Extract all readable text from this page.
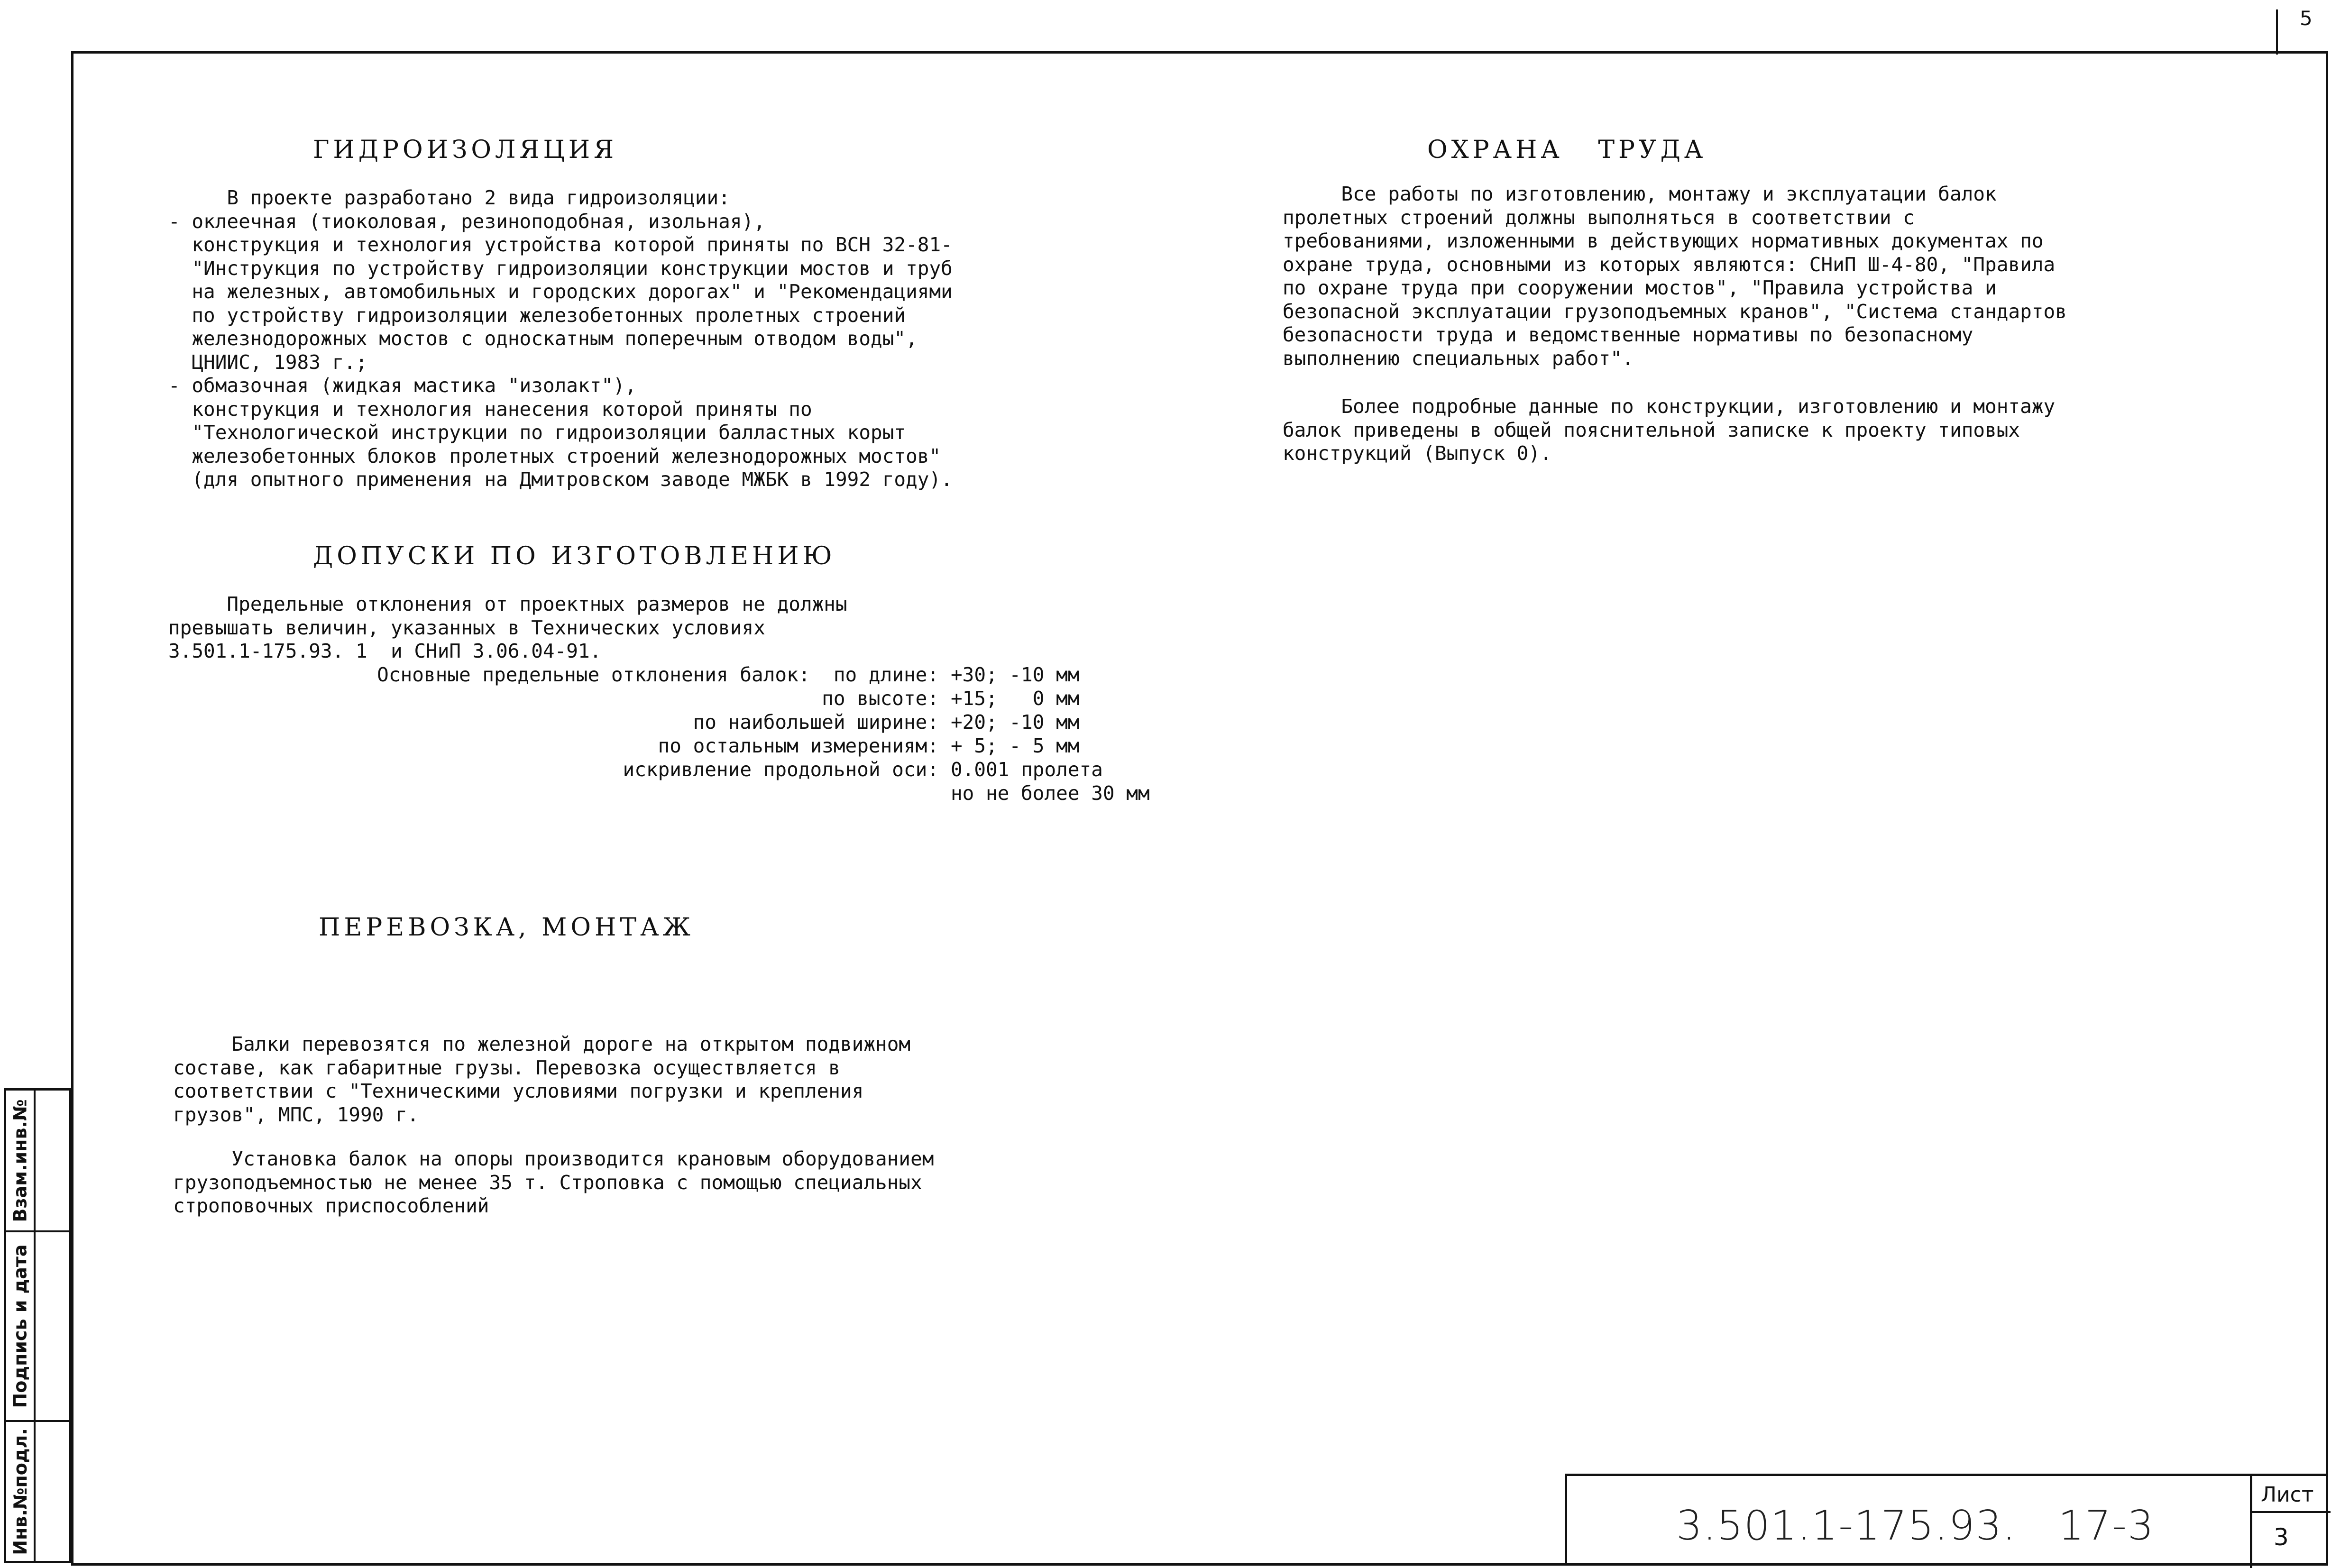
5
Взам.инв.№
Подпись и дата
Инв.№подл.
ГИДРОИЗОЛЯЦИЯ
В проекте разработано 2 вида гидроизоляции:
- оклеечная (тиоколовая, резиноподобная, изольная),
конструкция и технология устройства которой приняты по ВСН 32-81-
"Инструкция по устройству гидроизоляции конструкции мостов и труб
на железных, автомобильных и городских дорогах" и "Рекомендациями
по устройству гидроизоляции железобетонных пролетных строений
железнодорожных мостов с односкатным поперечным отводом воды",
ЦНИИС, 1983 г.;
- обмазочная (жидкая мастика "изолакт"),
конструкция и технология нанесения которой приняты по
"Технологической инструкции по гидроизоляции балластных корыт
железобетонных блоков пролетных строений железнодорожных мостов"
(для опытного применения на Дмитровском заводе МЖБК в 1992 году).
ДОПУСКИ ПО ИЗГОТОВЛЕНИЮ
Предельные отклонения от проектных размеров не должны
превышать величин, указанных в Технических условиях
3.501.1-175.93. 1  и СНиП 3.06.04-91.
Основные предельные отклонения балок:  по длине: +30; -10 мм
по высоте: +15;   0 мм
по наибольшей ширине: +20; -10 мм
по остальным измерениям: + 5; - 5 мм
искривление продольной оси: 0.001 пролета
но не более 30 мм
ПЕРЕВОЗКА, МОНТАЖ
Балки перевозятся по железной дороге на открытом подвижном
составе, как габаритные грузы. Перевозка осуществляется в
соответствии с "Техническими условиями погрузки и крепления
грузов", МПС, 1990 г.
Установка балок на опоры производится крановым оборудованием
грузоподъемностью не менее 35 т. Строповка с помощью специальных
строповочных приспособлений
ОХРАНА   ТРУДА
Все работы по изготовлению, монтажу и эксплуатации балок
пролетных строений должны выполняться в соответствии с
требованиями, изложенными в действующих нормативных документах по
охране труда, основными из которых являются: СНиП Ш-4-80, "Правила
по охране труда при сооружении мостов", "Правила устройства и
безопасной эксплуатации грузоподъемных кранов", "Система стандартов
безопасности труда и ведомственные нормативы по безопасному
выполнению специальных работ".
Более подробные данные по конструкции, изготовлению и монтажу
балок приведены в общей пояснительной записке к проекту типовых
конструкций (Выпуск 0).
3.501.1-175.93.   17-3
Лист
3
